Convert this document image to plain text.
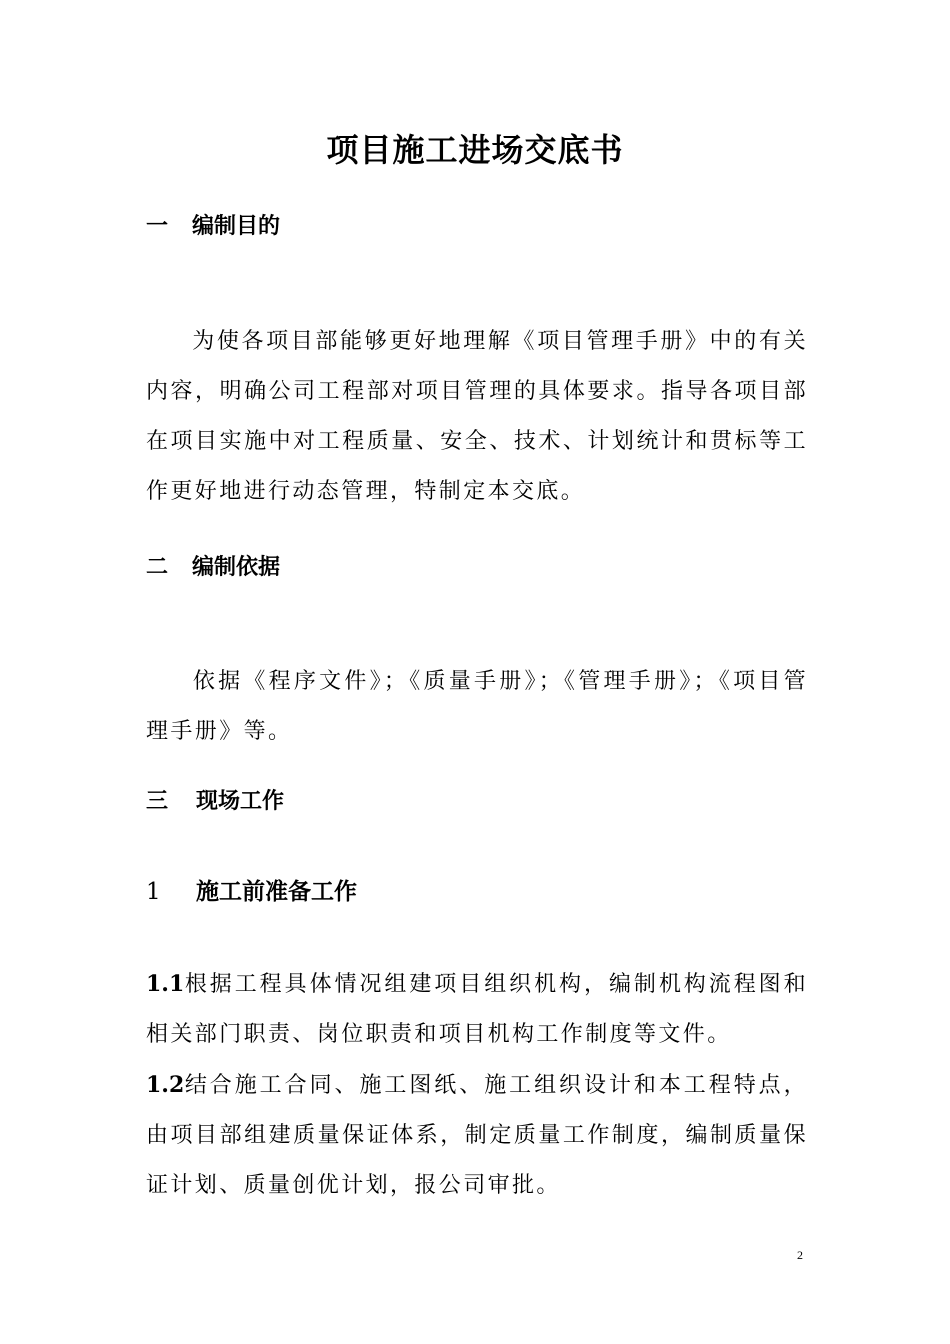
项目施工进场交底书
一 编制目的
为使各项目部能够更好地理解《项目管理手册》中的有关内容，明确公司工程部对项目管理的具体要求。指导各项目部在项目实施中对工程质量、安全、技术、计划统计和贯标等工作更好地进行动态管理，特制定本交底。
二 编制依据
依据《程序文件》；《质量手册》；《管理手册》；《项目管理手册》等。
三 现场工作
1 施工前准备工作
1.1根据工程具体情况组建项目组织机构，编制机构流程图和相关部门职责、岗位职责和项目机构工作制度等文件。
1.2结合施工合同、施工图纸、施工组织设计和本工程特点，由项目部组建质量保证体系，制定质量工作制度，编制质量保证计划、质量创优计划，报公司审批。
2
